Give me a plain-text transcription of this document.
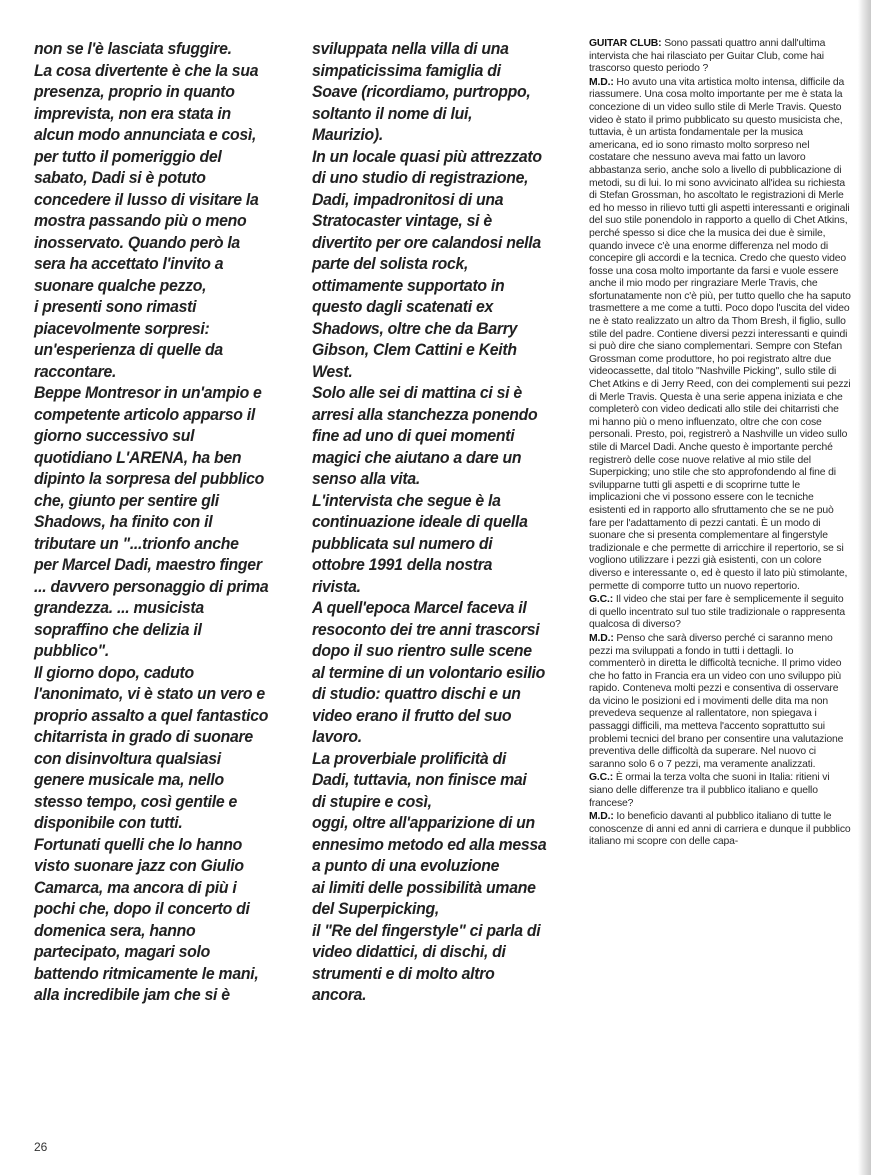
non se l'è lasciata sfuggire.
La cosa divertente è che la sua
presenza, proprio in quanto
imprevista, non era stata in
alcun modo annunciata e così,
per tutto il pomeriggio del
sabato, Dadi si è potuto
concedere il lusso di visitare la
mostra passando più o meno
inosservato. Quando però la
sera ha accettato l'invito a
suonare qualche pezzo,
i presenti sono rimasti
piacevolmente sorpresi:
un'esperienza di quelle da
raccontare.
Beppe Montresor in un'ampio e
competente articolo apparso il
giorno successivo sul
quotidiano L'ARENA, ha ben
dipinto la sorpresa del pubblico
che, giunto per sentire gli
Shadows, ha finito con il
tributare un "...trionfo anche
per Marcel Dadi, maestro finger
... davvero personaggio di prima
grandezza. ... musicista
sopraffino che delizia il
pubblico".
Il giorno dopo, caduto
l'anonimato, vi è stato un vero e
proprio assalto a quel fantastico
chitarrista in grado di suonare
con disinvoltura qualsiasi
genere musicale ma, nello
stesso tempo, così gentile e
disponibile con tutti.
Fortunati quelli che lo hanno
visto suonare jazz con Giulio
Camarca, ma ancora di più i
pochi che, dopo il concerto di
domenica sera, hanno
partecipato, magari solo
battendo ritmicamente le mani,
alla incredibile jam che si è
sviluppata nella villa di una
simpaticissima famiglia di
Soave (ricordiamo, purtroppo,
soltanto il nome di lui,
Maurizio).
In un locale quasi più attrezzato
di uno studio di registrazione,
Dadi, impadronitosi di una
Stratocaster vintage, si è
divertito per ore calandosi nella
parte del solista rock,
ottimamente supportato in
questo dagli scatenati ex
Shadows, oltre che da Barry
Gibson, Clem Cattini e Keith
West.
Solo alle sei di mattina ci si è
arresi alla stanchezza ponendo
fine ad uno di quei momenti
magici che aiutano a dare un
senso alla vita.
L'intervista che segue è la
continuazione ideale di quella
pubblicata sul numero di
ottobre 1991 della nostra
rivista.
A quell'epoca Marcel faceva il
resoconto dei tre anni trascorsi
dopo il suo rientro sulle scene
al termine di un volontario esilio
di studio: quattro dischi e un
video erano il frutto del suo
lavoro.
La proverbiale prolificità di
Dadi, tuttavia, non finisce mai
di stupire e così,
oggi, oltre all'apparizione di un
ennesimo metodo ed alla messa
a punto di una evoluzione
ai limiti delle possibilità umane
del Superpicking,
il "Re del fingerstyle" ci parla di
video didattici, di dischi, di
strumenti e di molto altro
ancora.

GUITAR CLUB: Sono passati quattro anni dall'ultima intervista che hai rilasciato per Guitar Club, come hai trascorso questo periodo ?

M.D.: Ho avuto una vita artistica molto intensa, difficile da riassumere. Una cosa molto importante per me è stata la concezione di un video sullo stile di Merle Travis. Questo video è stato il primo pubblicato su questo musicista che, tuttavia, è un artista fondamentale per la musica americana, ed io sono rimasto molto sorpreso nel costatare che nessuno aveva mai fatto un lavoro abbastanza serio, anche solo a livello di pubblicazione di metodi, su di lui. Io mi sono avvicinato all'idea su richiesta di Stefan Grossman, ho ascoltato le registrazioni di Merle ed ho messo in rilievo tutti gli aspetti interessanti e originali del suo stile ponendolo in rapporto a quello di Chet Atkins, perché spesso si dice che la musica dei due è simile, quando invece c'è una enorme differenza nel modo di concepire gli accordi e la tecnica. Credo che questo video fosse una cosa molto importante da farsi e vuole essere anche il mio modo per ringraziare Merle Travis, che sfortunatamente non c'è più, per tutto quello che ha saputo trasmettere a me come a tutti. Poco dopo l'uscita del video ne è stato realizzato un altro da Thom Bresh, il figlio, sullo stile del padre. Contiene diversi pezzi interessanti e quindi si può dire che siano complementari. Sempre con Stefan Grossman come produttore, ho poi registrato altre due videocassette, dal titolo "Nashville Picking", sullo stile di Chet Atkins e di Jerry Reed, con dei complementi sui pezzi di Merle Travis. Questa è una serie appena iniziata e che completerò con video dedicati allo stile dei chitarristi che mi hanno più o meno influenzato, oltre che con cose personali. Presto, poi, registrerò a Nashville un video sullo stile di Marcel Dadi. Anche questo è importante perché registrerò delle cose nuove relative al mio stile del Superpicking; uno stile che sto approfondendo al fine di svilupparne tutti gli aspetti e di scoprirne tutte le implicazioni che vi possono essere con le tecniche esistenti ed in rapporto allo sfruttamento che se ne può fare per l'adattamento di pezzi cantati. È un modo di suonare che si presenta complementare al fingerstyle tradizionale e che permette di arricchire il repertorio, se si vogliono utilizzare i pezzi già esistenti, con un colore diverso e interessante o, ed è questo il lato più stimolante, permette di comporre tutto un nuovo repertorio.

G.C.: Il video che stai per fare è semplicemente il seguito di quello incentrato sul tuo stile tradizionale o rappresenta qualcosa di diverso?

M.D.: Penso che sarà diverso perché ci saranno meno pezzi ma sviluppati a fondo in tutti i dettagli. Io commenterò in diretta le difficoltà tecniche. Il primo video che ho fatto in Francia era un video con uno sviluppo più rapido. Conteneva molti pezzi e consentiva di osservare da vicino le posizioni ed i movimenti delle dita ma non prevedeva sequenze al rallentatore, non spiegava i passaggi difficili, ma metteva l'accento soprattutto sui problemi tecnici del brano per consentire una valutazione preventiva delle difficoltà da superare. Nel nuovo ci saranno solo 6 o 7 pezzi, ma veramente analizzati.

G.C.: È ormai la terza volta che suoni in Italia: ritieni vi siano delle differenze tra il pubblico italiano e quello francese?

M.D.: Io beneficio davanti al pubblico italiano di tutte le conoscenze di anni ed anni di carriera e dunque il pubblico italiano mi scopre con delle capa-

26
